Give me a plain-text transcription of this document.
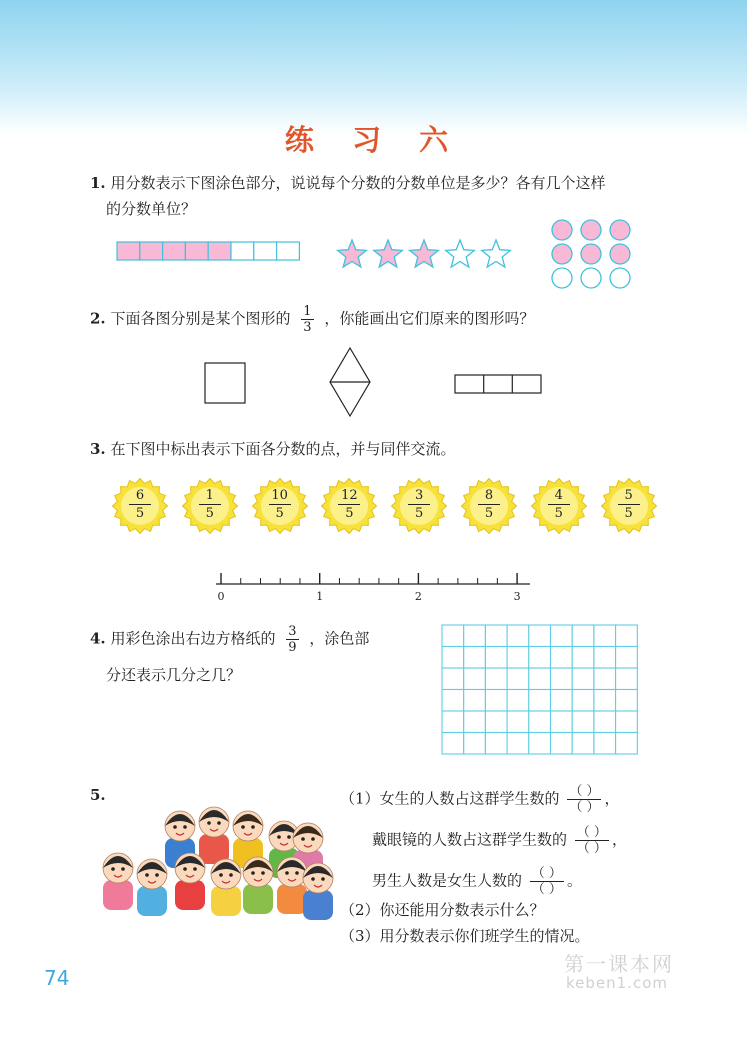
练 习 六
1. 用分数表示下图涂色部分，说说每个分数的分数单位是多少？各有几个这样
的分数单位？
2. 下面各图分别是某个图形的 $\frac{1}{3}$ ，你能画出它们原来的图形吗？
3. 在下图中标出表示下面各分数的点，并与同伴交流。
$\frac{6}{5} \frac{1}{5} \frac{10}{5} \frac{12}{5} \frac{3}{5} \frac{8}{5} \frac{4}{5} \frac{5}{5}$
0	1	2	3
4. 用彩色涂出右边方格纸的 $\frac{3}{9}$ ，涂色部
分还表示几分之几？
5.	（1）女生的人数占这群学生数的 （ ）
（ ） ，
戴眼镜的人数占这群学生数的 （ ）
（ ） ，
男生人数是女生人数的 （ ）
（ ） 。
（2）你还能用分数表示什么？
（3）用分数表示你们班学生的情况。
74
第一课本网
keben1.com
